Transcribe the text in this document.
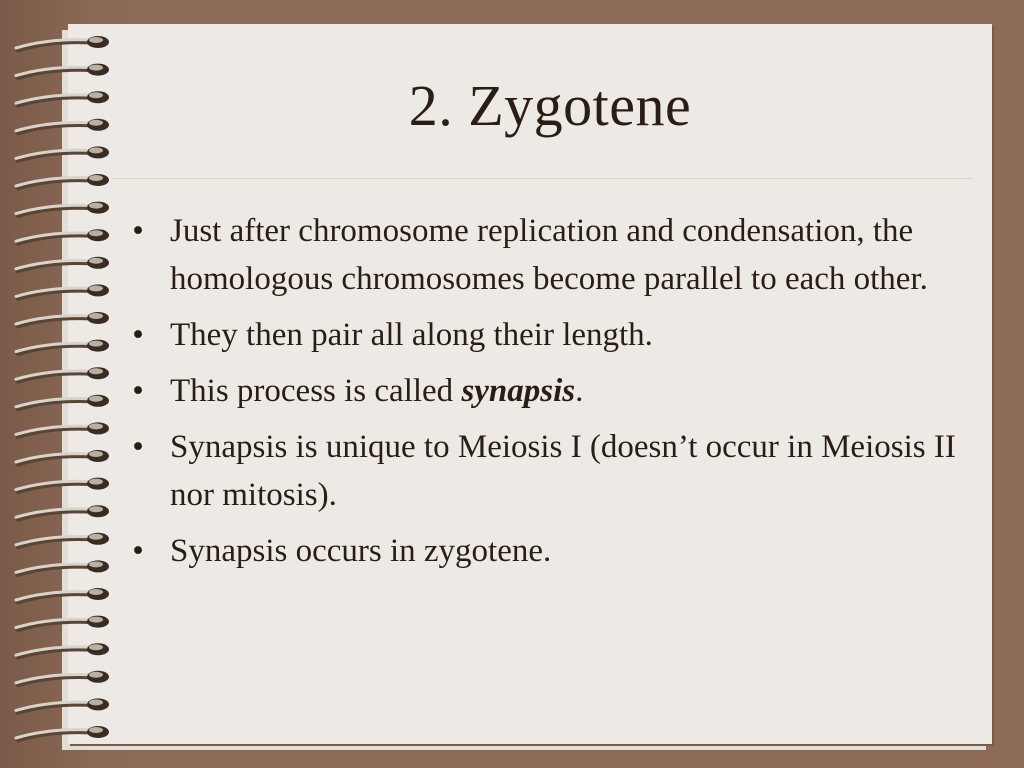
2. Zygotene
• Just after chromosome replication and condensation, the homologous chromosomes become parallel to each other.
• They then pair all along their length.
• This process is called synapsis.
• Synapsis is unique to Meiosis I (doesn’t occur in Meiosis II nor mitosis).
• Synapsis occurs in zygotene.
